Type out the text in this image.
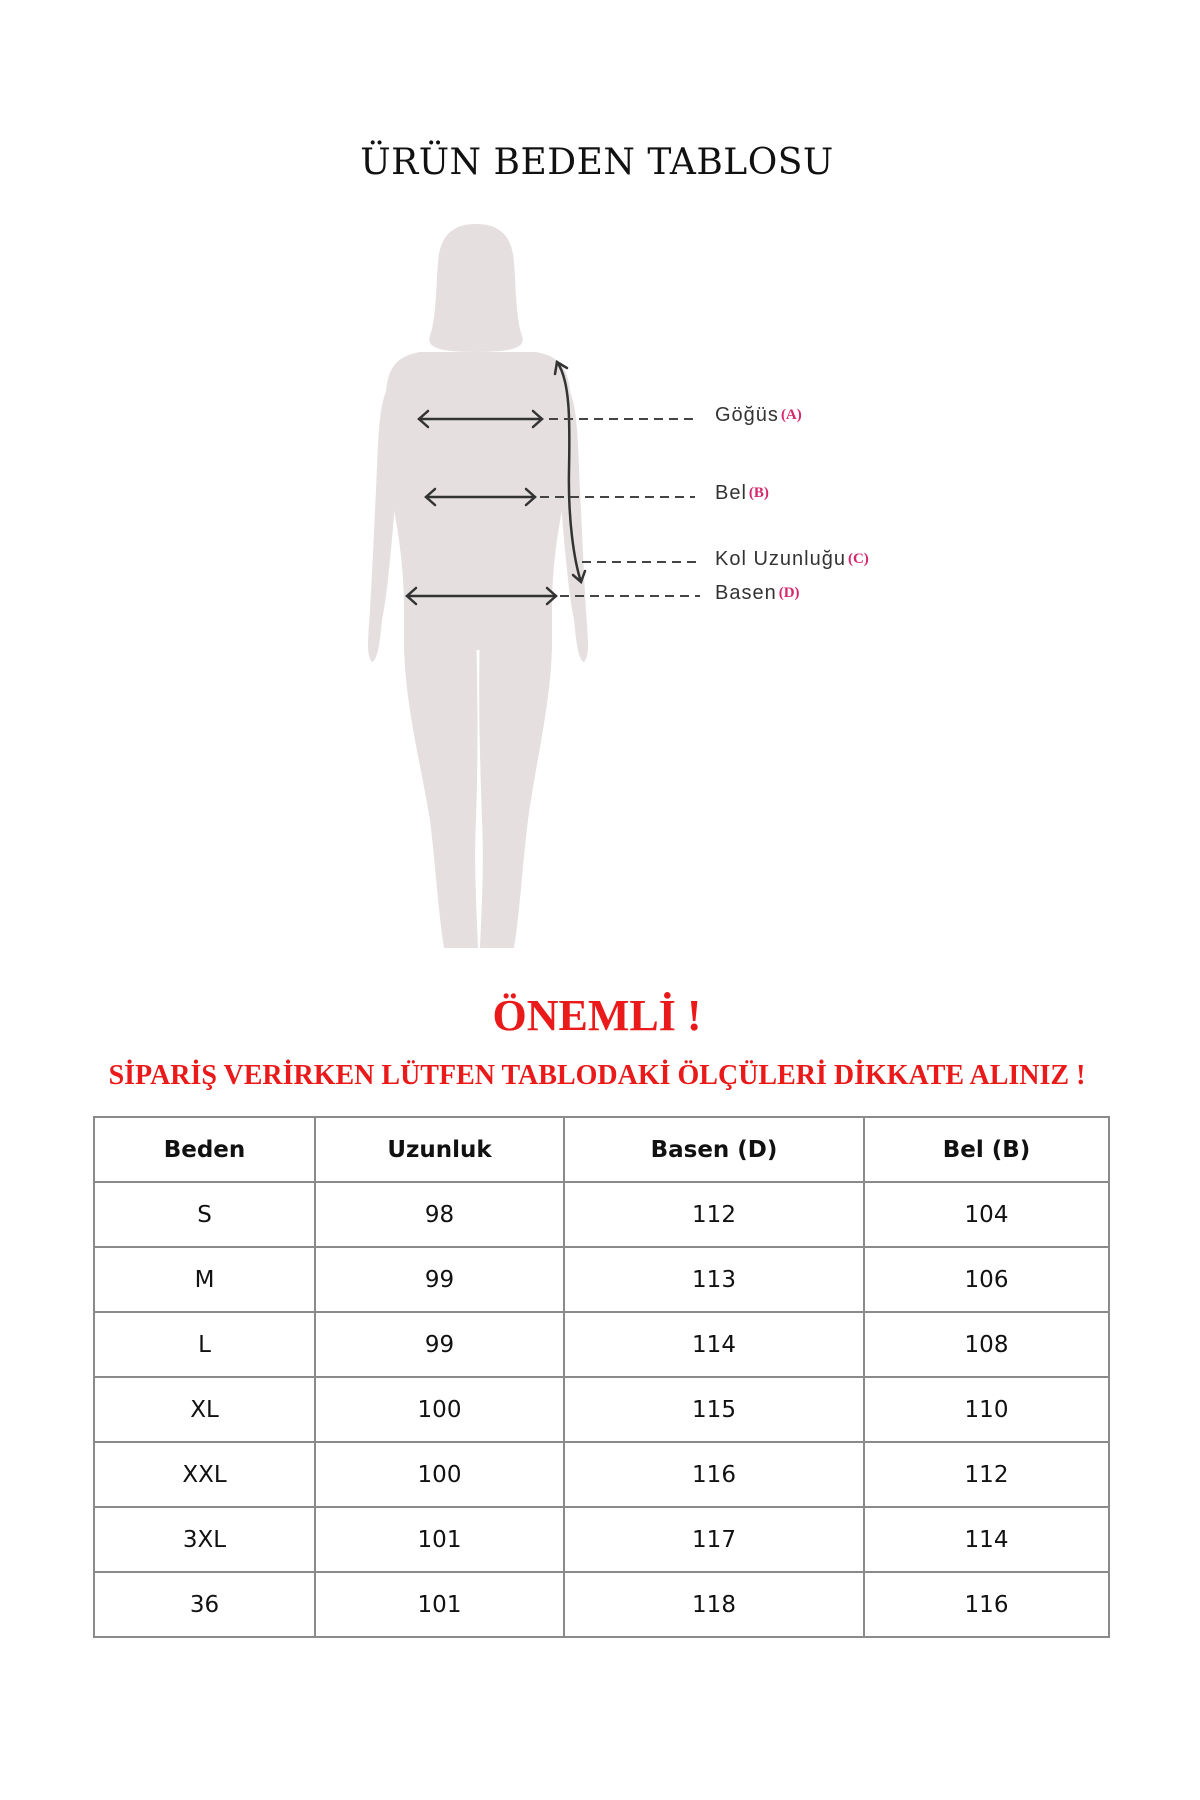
ÜRÜN BEDEN TABLOSU
Göğüs (A)
Bel (B)
Kol Uzunluğu (C)
Basen (D)
ÖNEMLİ !
SİPARİŞ VERİRKEN LÜTFEN TABLODAKİ ÖLÇÜLERİ DİKKATE ALINIZ !
Beden	Uzunluk	Basen (D)	Bel (B)
S	98	112	104
M	99	113	106
L	99	114	108
XL	100	115	110
XXL	100	116	112
3XL	101	117	114
36	101	118	116
